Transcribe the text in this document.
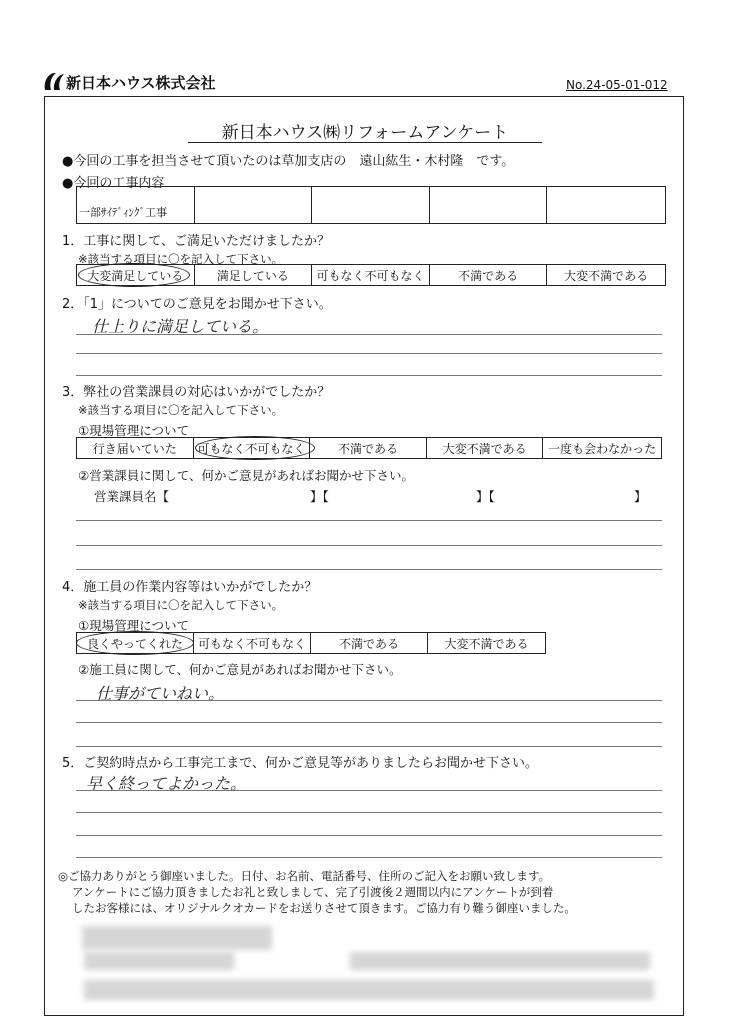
新日本ハウス株式会社	No.24-05-01-012
新日本ハウス㈱リフォームアンケート
●今回の工事を担当させて頂いたのは草加支店の　遠山紘生・木村隆　です。
●今回の工事内容
一部ｻｲﾃﾞｨﾝｸﾞ工事
1．工事に関して、ご満足いただけましたか？
※該当する項目に〇を記入して下さい。
大変満足している	満足している	可もなく不可もなく	不満である	大変不満である
2．「1」についてのご意見をお聞かせ下さい。
仕上りに満足している。
3．弊社の営業課員の対応はいかがでしたか？
※該当する項目に〇を記入して下さい。
①現場管理について
行き届いていた	可もなく不可もなく	不満である	大変不満である	一度も会わなかった
②営業課員に関して、何かご意見があればお聞かせ下さい。
営業課員名【	】【	】【	】
4．施工員の作業内容等はいかがでしたか？
※該当する項目に〇を記入して下さい。
①現場管理について
良くやってくれた	可もなく不可もなく	不満である	大変不満である
②施工員に関して、何かご意見があればお聞かせ下さい。
仕事がていねい。
5．ご契約時点から工事完工まで、何かご意見等がありましたらお聞かせ下さい。
早く終ってよかった。
◎ご協力ありがとう御座いました。日付、お名前、電話番号、住所のご記入をお願い致します。
アンケートにご協力頂きましたお礼と致しまして、完了引渡後２週間以内にアンケートが到着
したお客様には、オリジナルクオカードをお送りさせて頂きます。ご協力有り難う御座いました。
